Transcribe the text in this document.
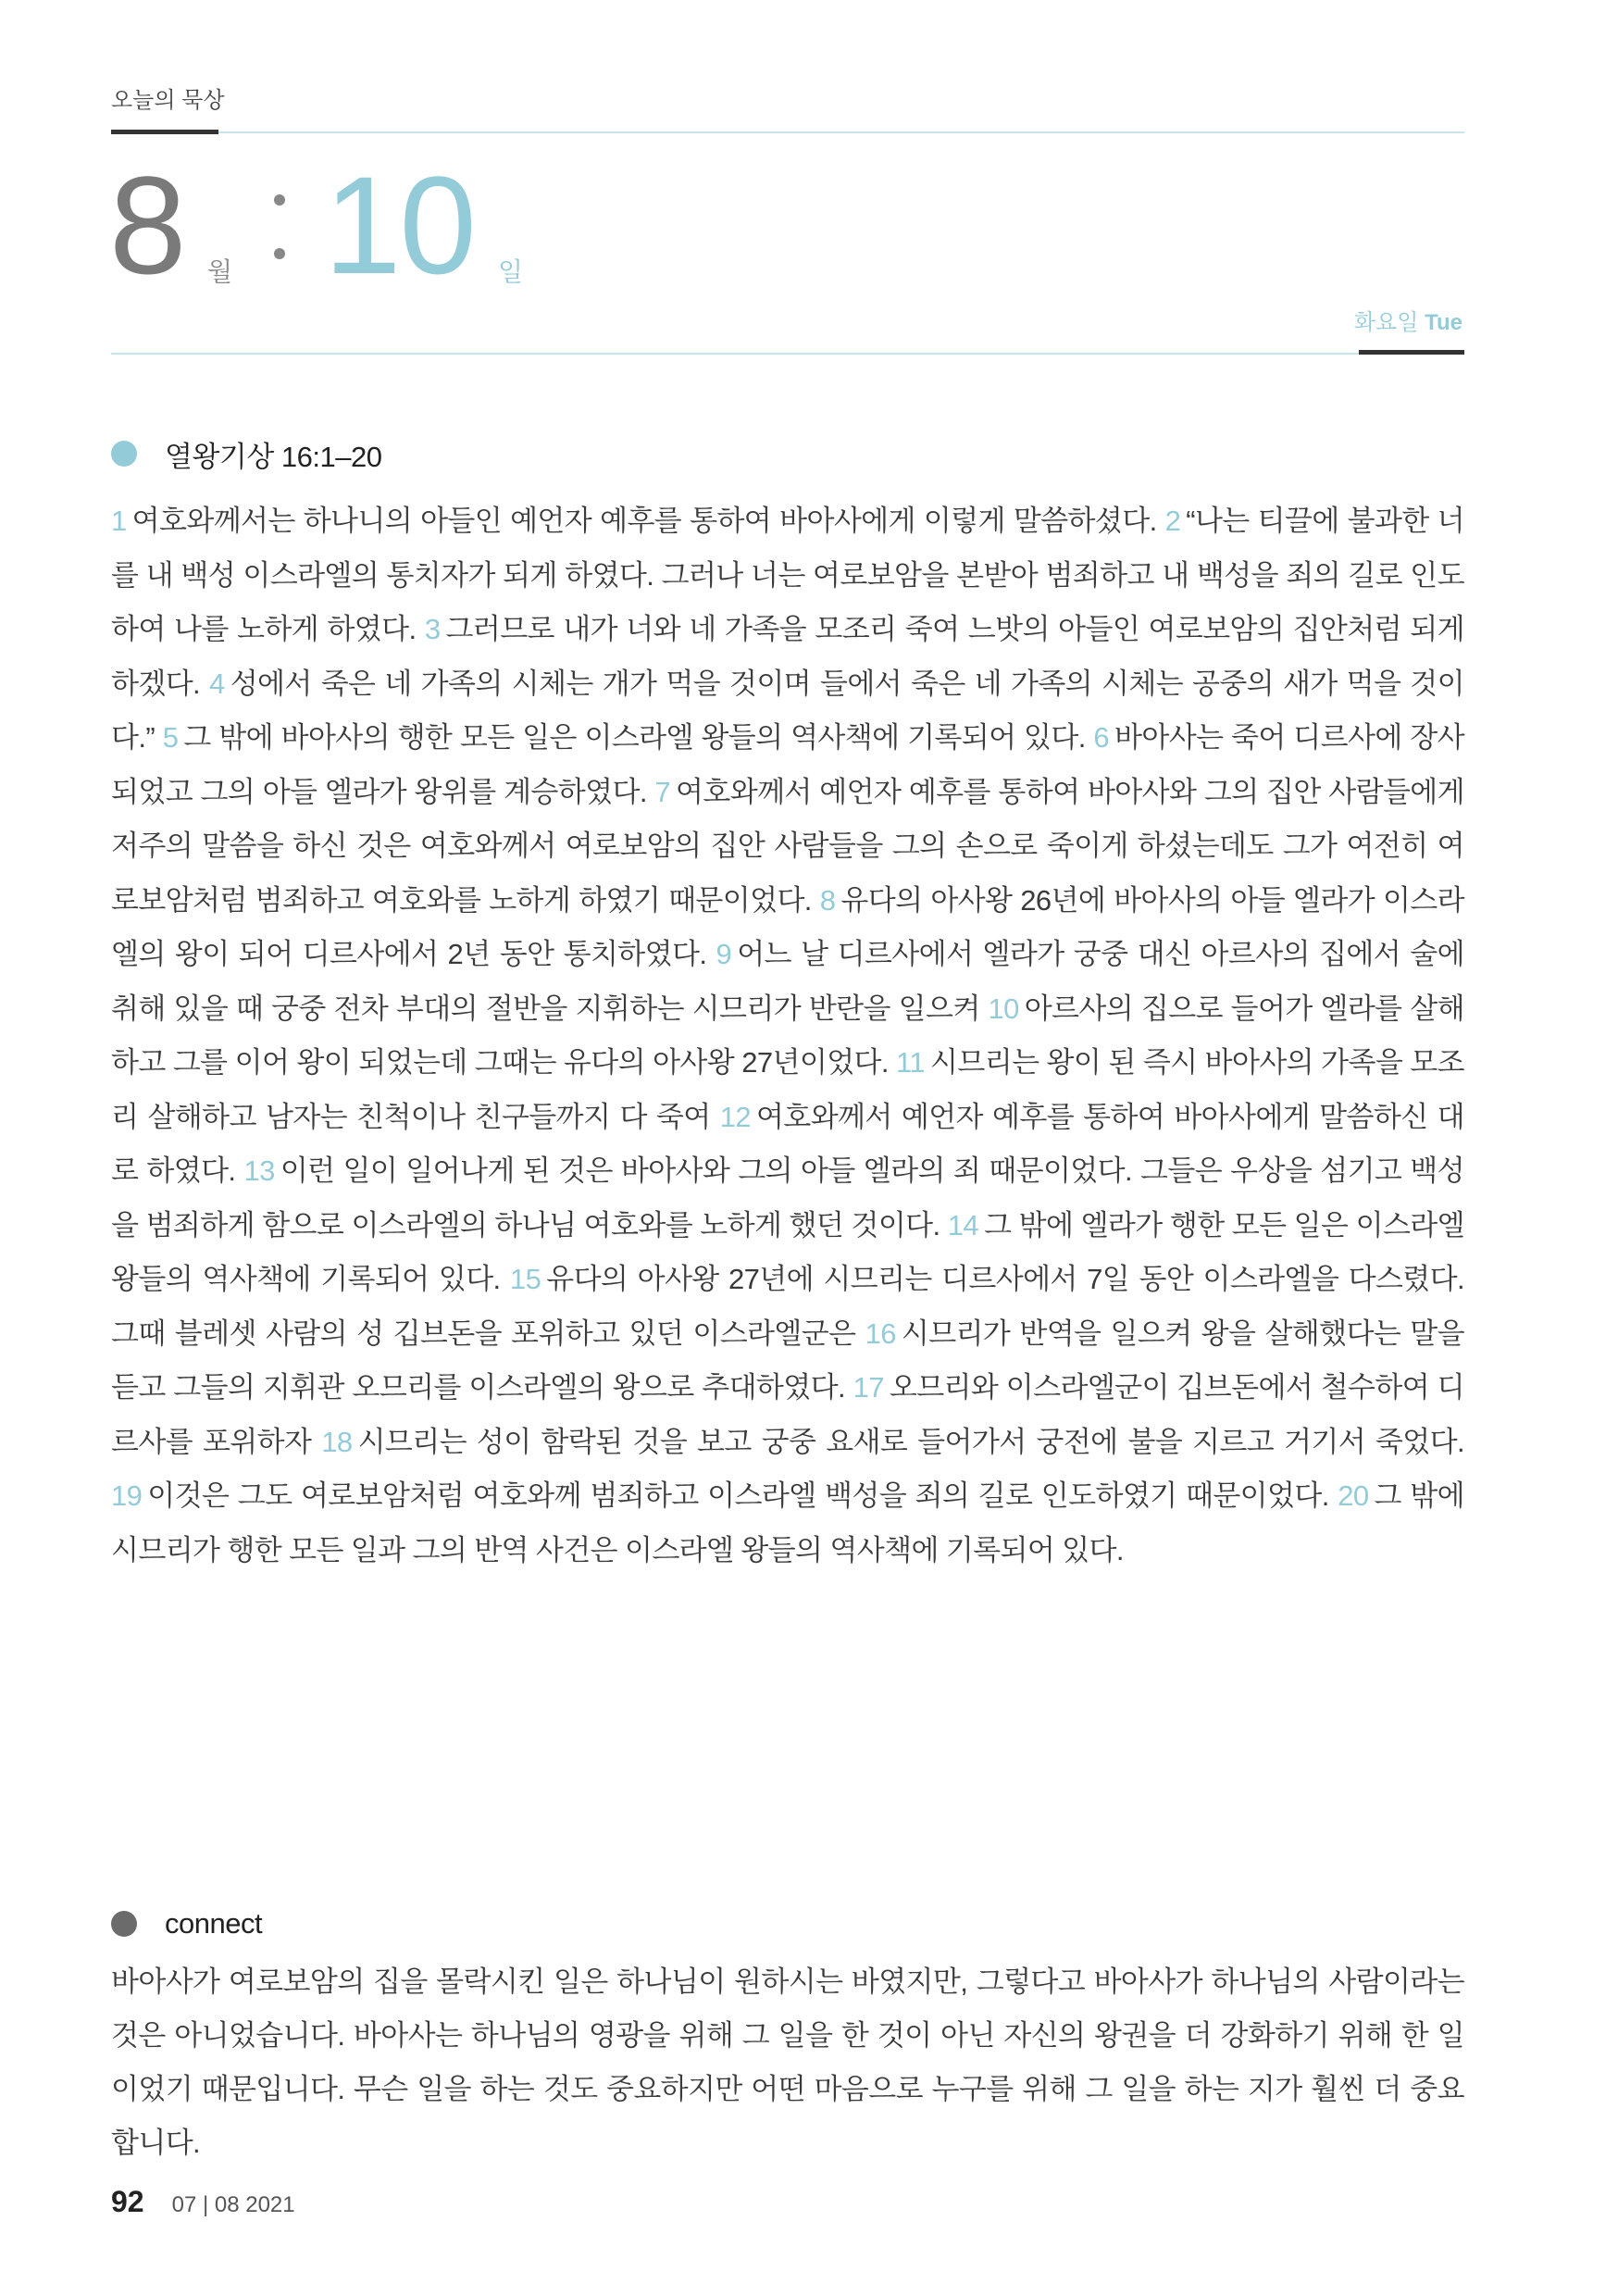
오늘의 묵상
8 월 10 일
화요일 Tue
열왕기상 16:1–20
1 여호와께서는 하나니의 아들인 예언자 예후를 통하여 바아사에게 이렇게 말씀하셨다. 2 “나는 티끌에 불과한 너를 내 백성 이스라엘의 통치자가 되게 하였다. 그러나 너는 여로보암을 본받아 범죄하고 내 백성을 죄의 길로 인도하여 나를 노하게 하였다. 3 그러므로 내가 너와 네 가족을 모조리 죽여 느밧의 아들인 여로보암의 집안처럼 되게 하겠다. 4 성에서 죽은 네 가족의 시체는 개가 먹을 것이며 들에서 죽은 네 가족의 시체는 공중의 새가 먹을 것이다.” 5 그 밖에 바아사의 행한 모든 일은 이스라엘 왕들의 역사책에 기록되어 있다. 6 바아사는 죽어 디르사에 장사되었고 그의 아들 엘라가 왕위를 계승하였다. 7 여호와께서 예언자 예후를 통하여 바아사와 그의 집안 사람들에게 저주의 말씀을 하신 것은 여호와께서 여로보암의 집안 사람들을 그의 손으로 죽이게 하셨는데도 그가 여전히 여로보암처럼 범죄하고 여호와를 노하게 하였기 때문이었다. 8 유다의 아사왕 26년에 바아사의 아들 엘라가 이스라엘의 왕이 되어 디르사에서 2년 동안 통치하였다. 9 어느 날 디르사에서 엘라가 궁중 대신 아르사의 집에서 술에 취해 있을 때 궁중 전차 부대의 절반을 지휘하는 시므리가 반란을 일으켜 10 아르사의 집으로 들어가 엘라를 살해하고 그를 이어 왕이 되었는데 그때는 유다의 아사왕 27년이었다. 11 시므리는 왕이 된 즉시 바아사의 가족을 모조리 살해하고 남자는 친척이나 친구들까지 다 죽여 12 여호와께서 예언자 예후를 통하여 바아사에게 말씀하신 대로 하였다. 13 이런 일이 일어나게 된 것은 바아사와 그의 아들 엘라의 죄 때문이었다. 그들은 우상을 섬기고 백성을 범죄하게 함으로 이스라엘의 하나님 여호와를 노하게 했던 것이다. 14 그 밖에 엘라가 행한 모든 일은 이스라엘 왕들의 역사책에 기록되어 있다. 15 유다의 아사왕 27년에 시므리는 디르사에서 7일 동안 이스라엘을 다스렸다. 그때 블레셋 사람의 성 깁브돈을 포위하고 있던 이스라엘군은 16 시므리가 반역을 일으켜 왕을 살해했다는 말을 듣고 그들의 지휘관 오므리를 이스라엘의 왕으로 추대하였다. 17 오므리와 이스라엘군이 깁브돈에서 철수하여 디르사를 포위하자 18 시므리는 성이 함락된 것을 보고 궁중 요새로 들어가서 궁전에 불을 지르고 거기서 죽었다. 19 이것은 그도 여로보암처럼 여호와께 범죄하고 이스라엘 백성을 죄의 길로 인도하였기 때문이었다. 20 그 밖에 시므리가 행한 모든 일과 그의 반역 사건은 이스라엘 왕들의 역사책에 기록되어 있다.
connect
바아사가 여로보암의 집을 몰락시킨 일은 하나님이 원하시는 바였지만, 그렇다고 바아사가 하나님의 사람이라는 것은 아니었습니다. 바아사는 하나님의 영광을 위해 그 일을 한 것이 아닌 자신의 왕권을 더 강화하기 위해 한 일이었기 때문입니다. 무슨 일을 하는 것도 중요하지만 어떤 마음으로 누구를 위해 그 일을 하는 지가 훨씬 더 중요합니다.
92 07 | 08 2021
